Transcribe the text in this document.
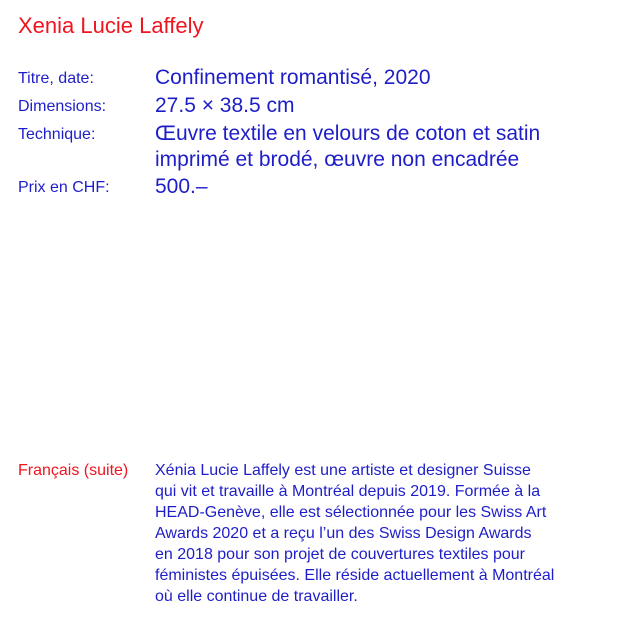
Xenia Lucie Laffely
Titre, date:	Confinement romantisé, 2020
Dimensions:	27.5 × 38.5 cm
Technique:	Œuvre textile en velours de coton et satin
imprimé et brodé, œuvre non encadrée
Prix en CHF:	500.–
Français (suite)	Xénia Lucie Laffely est une artiste et designer Suisse
qui vit et travaille à Montréal depuis 2019. Formée à la
HEAD-Genève, elle est sélectionnée pour les Swiss Art
Awards 2020 et a reçu l’un des Swiss Design Awards
en 2018 pour son projet de couvertures textiles pour
féministes épuisées. Elle réside actuellement à Montréal
où elle continue de travailler.
